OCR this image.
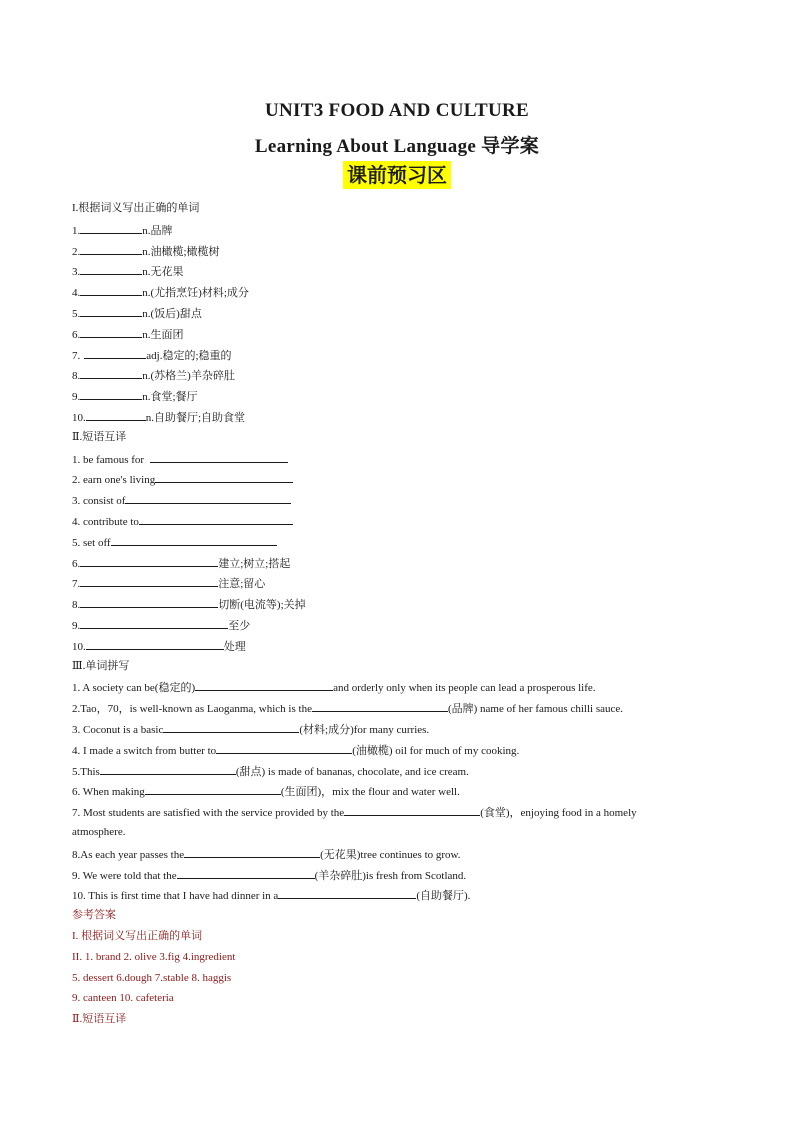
UNIT3 FOOD AND CULTURE
Learning About Language 导学案
课前预习区
I.根据词义写出正确的单词
1.	n.品牌
2.	n.油橄榄;橄榄树
3.	n.无花果
4.	n.(尤指烹饪)材料;成分
5.	n.(饭后)甜点
6.	n.生面团
7.	adj.稳定的;稳重的
8.	n.(苏格兰)羊杂碎肚
9.	n.食堂;餐厅
10.	n.自助餐厅;自助食堂
Ⅱ.短语互译
1. be famous for
2. earn one's living
3. consist of
4. contribute to
5. set off
6.	建立;树立;搭起
7.	注意;留心
8.	切断(电流等);关掉
9.	至少
10.	处理
Ⅲ.单词拼写
1. A society can be(稳定的)	and orderly only when its people can lead a prosperous life.
2.Tao，70，is well-known as Laoganma, which is the	(品牌) name of her famous chilli sauce.
3. Coconut is a basic	(材料;成分)for many curries.
4. I made a switch from butter to	(油橄榄) oil for much of my cooking.
5.This	(甜点) is made of bananas, chocolate, and ice cream.
6. When making	(生面团)，mix the flour and water well.
7. Most students are satisfied with the service provided by the	(食堂)，enjoying food in a homely
atmosphere.
8.As each year passes the	(无花果)tree continues to grow.
9. We were told that the	(羊杂碎肚)is fresh from Scotland.
10. This is first time that I have had dinner in a	(自助餐厅).
参考答案
I. 根据词义写出正确的单词
II. 1. brand 2. olive 3.fig 4.ingredient
5. dessert 6.dough 7.stable 8. haggis
9. canteen 10. cafeteria
Ⅱ.短语互译
